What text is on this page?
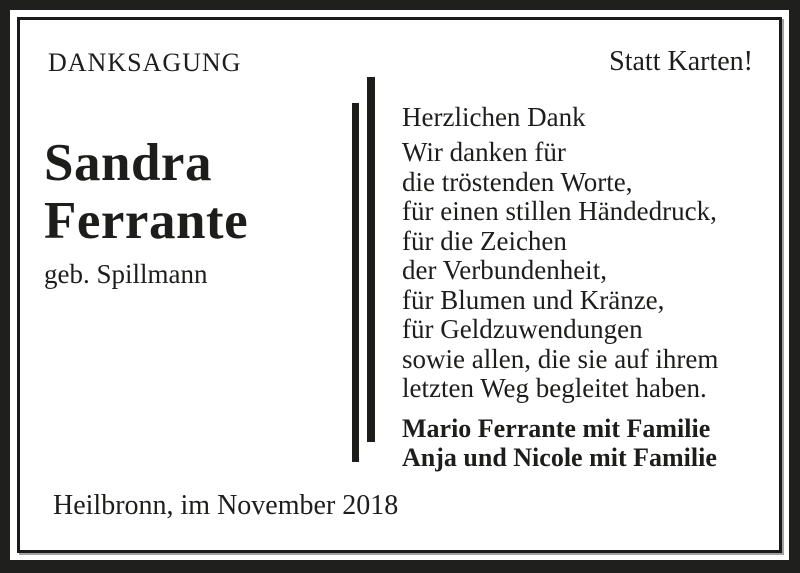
DANKSAGUNG	Statt Karten!
Sandra
Ferrante
geb. Spillmann
Herzlichen Dank
Wir danken für
die tröstenden Worte,
für einen stillen Händedruck,
für die Zeichen
der Verbundenheit,
für Blumen und Kränze,
für Geldzuwendungen
sowie allen, die sie auf ihrem
letzten Weg begleitet haben.
Mario Ferrante mit Familie
Anja und Nicole mit Familie
Heilbronn, im November 2018
